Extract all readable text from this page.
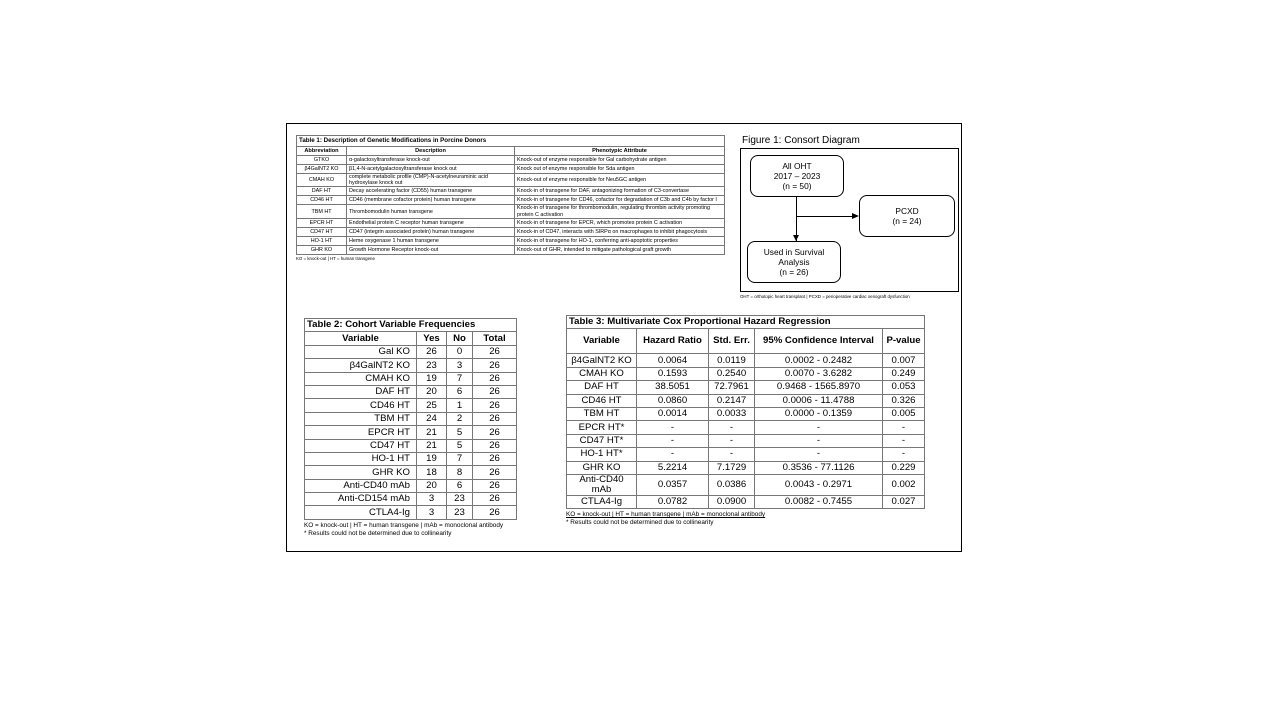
Table 1: Description of Genetic Modifications in Porcine Donors		
Abbreviation	Description	Phenotypic Attribute
GTKO	α-galactosyltransferase knock-out	Knock-out of enzyme responsible for Gal carbohydrate antigen
β4GalNT2 KO	β1,4-N-acetylgalactosyltransferase knock out	Knock out of enzyme responsible for Sda antigen
CMAH KO	complete metabolic profile (CMP)-N-acetylneuraminic acid hydroxylase knock out	Knock-out of enzyme responsible for Neu5GC antigen
DAF HT	Decay accelerating factor (CD55) human transgene	Knock-in of transgene for DAF, antagonizing formation of C3-convertase
CD46 HT	CD46 (membrane cofactor protein) human transgene	Knock-in of transgene for CD46, cofactor for degradation of C3b and C4b by factor I
TBM HT	Thrombomodulin human transgene	Knock-in of transgene for thrombomodulin, regulating thrombin activity promoting protein C activation
EPCR HT	Endothelial protein C receptor human transgene	Knock-in of transgene for EPCR, which promotes protein C activation
CD47 HT	CD47 (integrin associated protein) human transgene	Knock-in of CD47, interacts with SIRPα on macrophages to inhibit phagocytosis
HO-1 HT	Heme oxygenase 1 human transgene	Knock-in of transgene for HO-1, conferring anti-apoptotic properties
GHR KO	Growth Hormone Receptor knock-out	Knock-out of GHR, intended to mitigate pathological graft growth
KO = knock-out | HT = human transgene
Figure 1: Consort Diagram
All OHT
2017 – 2023
(n = 50)
PCXD
(n = 24)
Used in Survival
Analysis
(n = 26)
OHT = orthotopic heart transplant | PCXD = perioperative cardiac xenograft dysfunction
Table 2: Cohort Variable Frequencies			
Variable	Yes	No	Total
Gal KO	26	0	26
β4GalNT2 KO	23	3	26
CMAH KO	19	7	26
DAF HT	20	6	26
CD46 HT	25	1	26
TBM HT	24	2	26
EPCR HT	21	5	26
CD47 HT	21	5	26
HO-1 HT	19	7	26
GHR KO	18	8	26
Anti-CD40 mAb	20	6	26
Anti-CD154 mAb	3	23	26
CTLA4-Ig	3	23	26
KO = knock-out | HT = human transgene | mAb = monoclonal antibody
* Results could not be determined due to collinearity
Table 3: Multivariate Cox Proportional Hazard Regression				
Variable	Hazard Ratio	Std. Err.	95% Confidence Interval	P-value
β4GalNT2 KO	0.0064	0.0119	0.0002 - 0.2482	0.007
CMAH KO	0.1593	0.2540	0.0070 - 3.6282	0.249
DAF HT	38.5051	72.7961	0.9468 - 1565.8970	0.053
CD46 HT	0.0860	0.2147	0.0006 - 11.4788	0.326
TBM HT	0.0014	0.0033	0.0000 - 0.1359	0.005
EPCR HT*	-	-	-	-
CD47 HT*	-	-	-	-
HO-1 HT*	-	-	-	-
GHR KO	5.2214	7.1729	0.3536 - 77.1126	0.229
Anti-CD40 mAb	0.0357	0.0386	0.0043 - 0.2971	0.002
CTLA4-Ig	0.0782	0.0900	0.0082 - 0.7455	0.027
KO = knock-out | HT = human transgene | mAb = monoclonal antibody
* Results could not be determined due to collinearity
